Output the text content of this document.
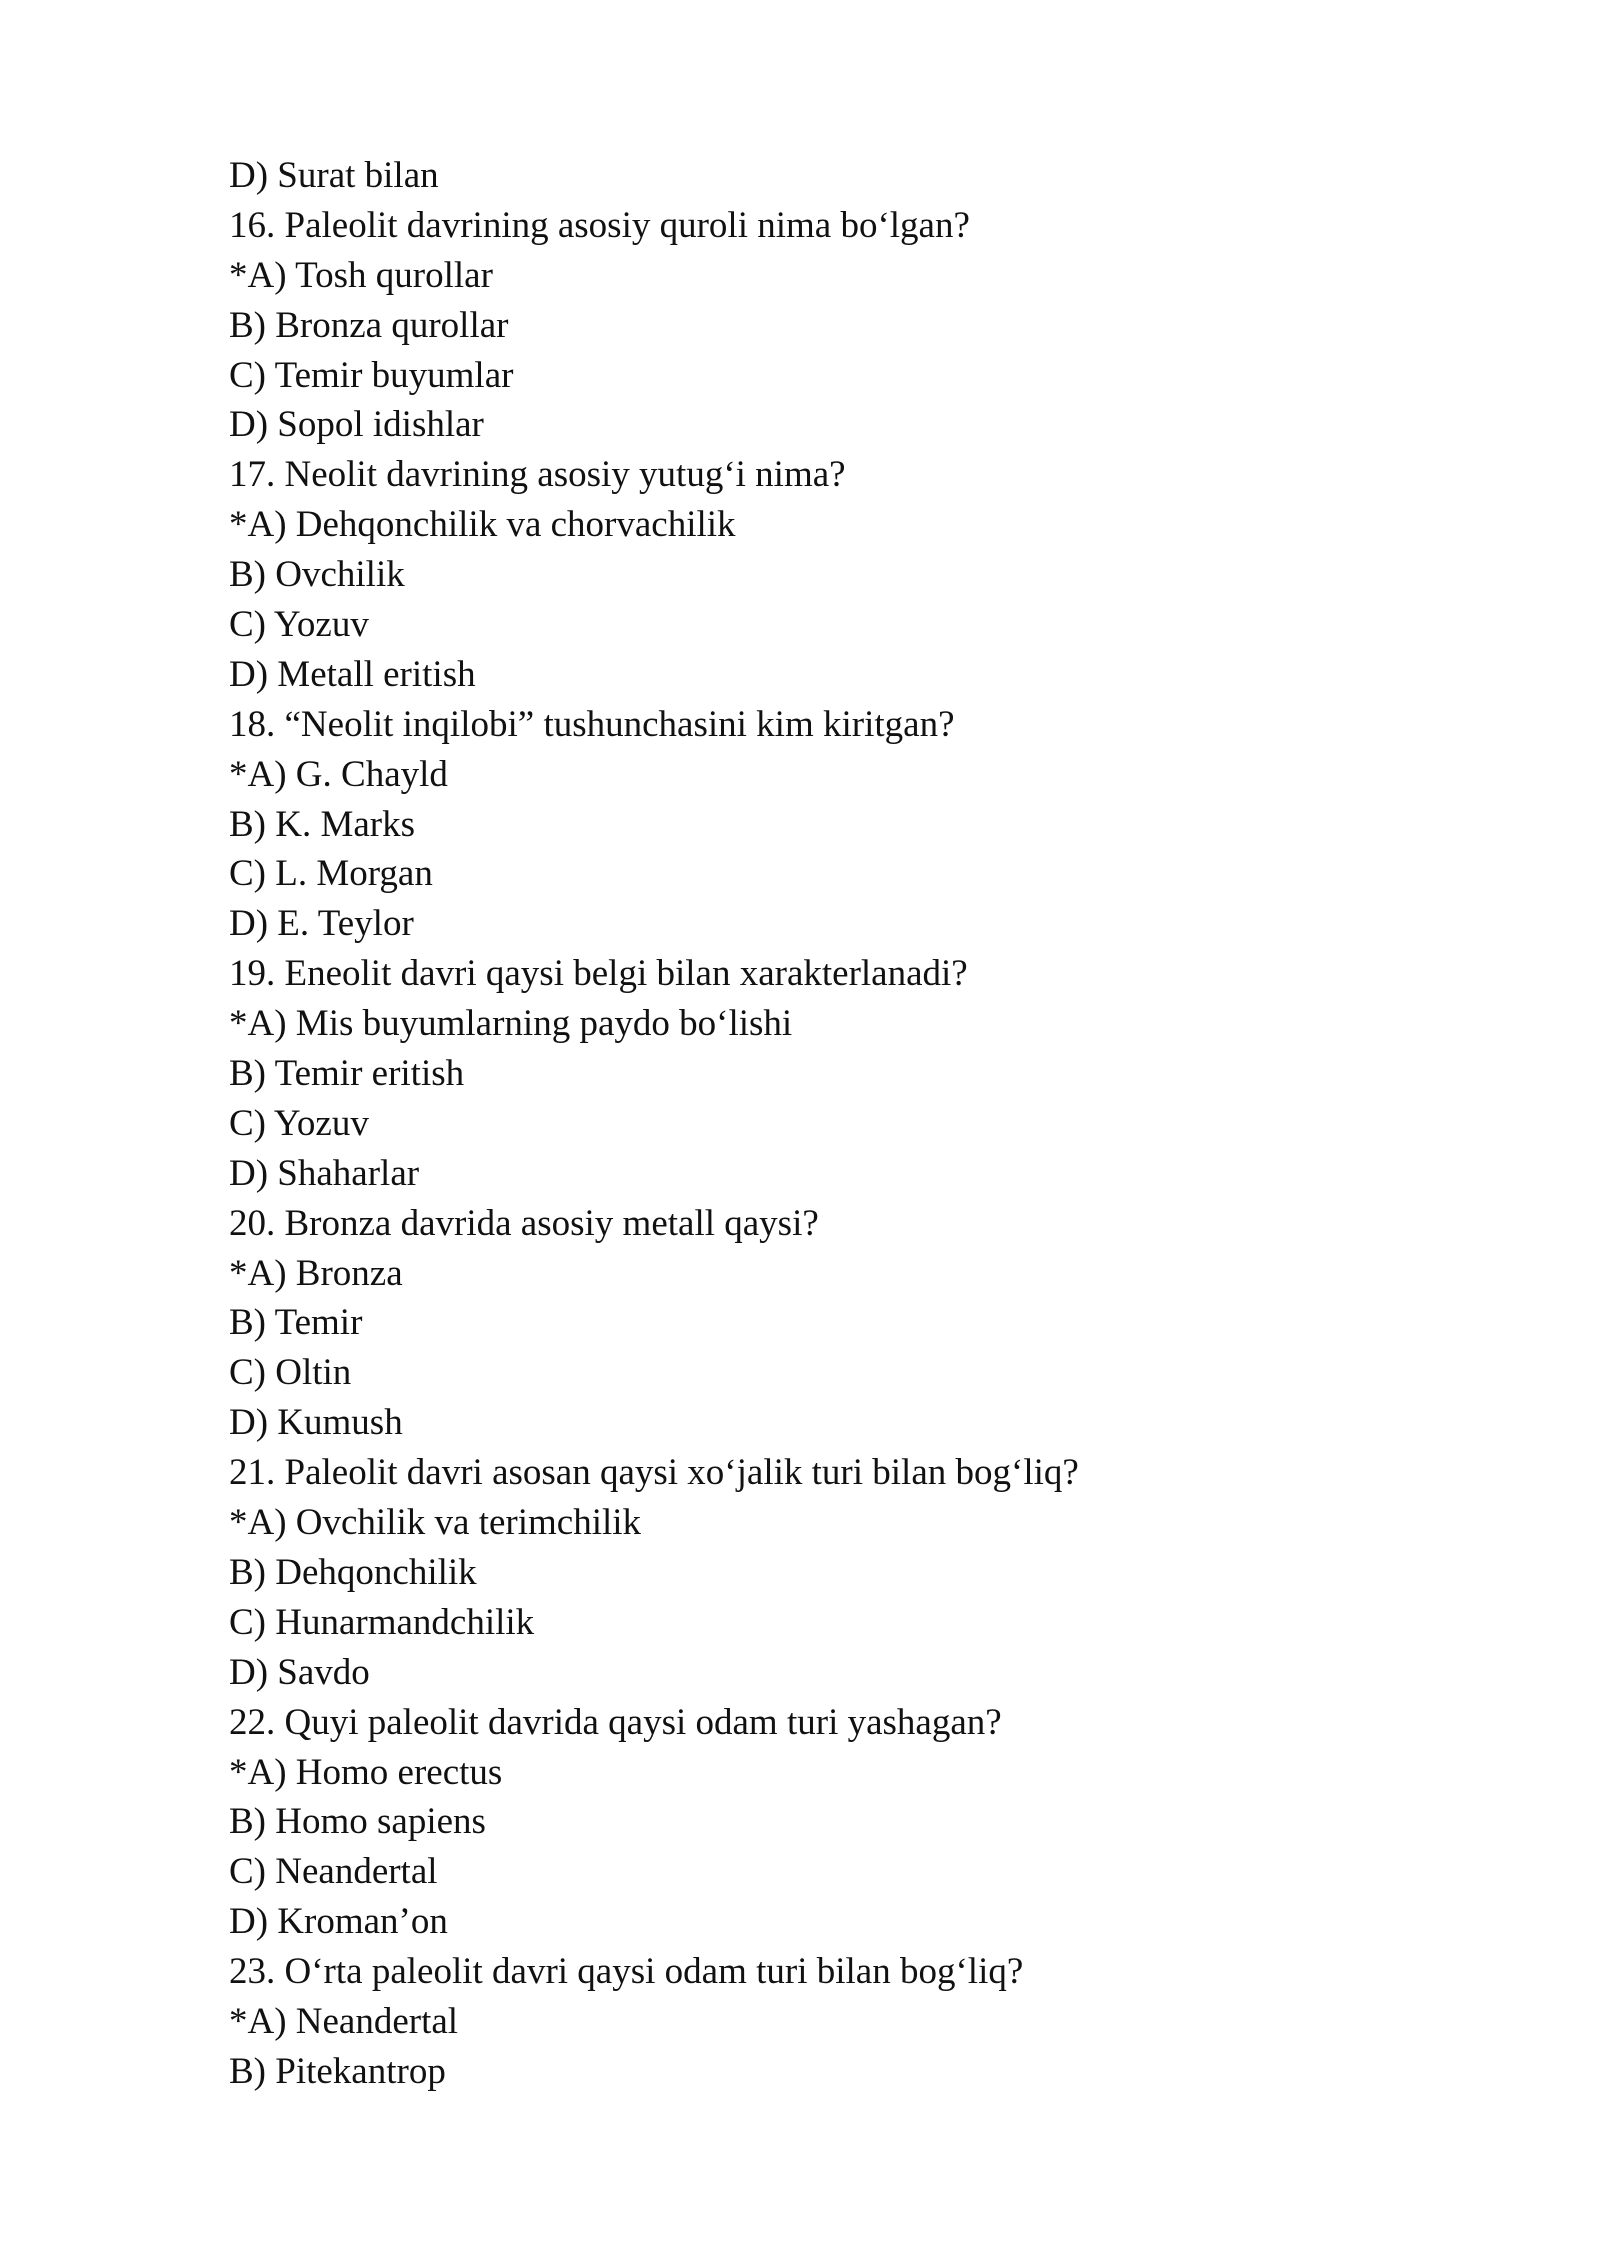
D) Surat bilan
16. Paleolit davrining asosiy quroli nima bo‘lgan?
*A) Tosh qurollar
B) Bronza qurollar
C) Temir buyumlar
D) Sopol idishlar
17. Neolit davrining asosiy yutug‘i nima?
*A) Dehqonchilik va chorvachilik
B) Ovchilik
C) Yozuv
D) Metall eritish
18. “Neolit inqilobi” tushunchasini kim kiritgan?
*A) G. Chayld
B) K. Marks
C) L. Morgan
D) E. Teylor
19. Eneolit davri qaysi belgi bilan xarakterlanadi?
*A) Mis buyumlarning paydo bo‘lishi
B) Temir eritish
C) Yozuv
D) Shaharlar
20. Bronza davrida asosiy metall qaysi?
*A) Bronza
B) Temir
C) Oltin
D) Kumush
21. Paleolit davri asosan qaysi xo‘jalik turi bilan bog‘liq?
*A) Ovchilik va terimchilik
B) Dehqonchilik
C) Hunarmandchilik
D) Savdo
22. Quyi paleolit davrida qaysi odam turi yashagan?
*A) Homo erectus
B) Homo sapiens
C) Neandertal
D) Kroman’on
23. O‘rta paleolit davri qaysi odam turi bilan bog‘liq?
*A) Neandertal
B) Pitekantrop
